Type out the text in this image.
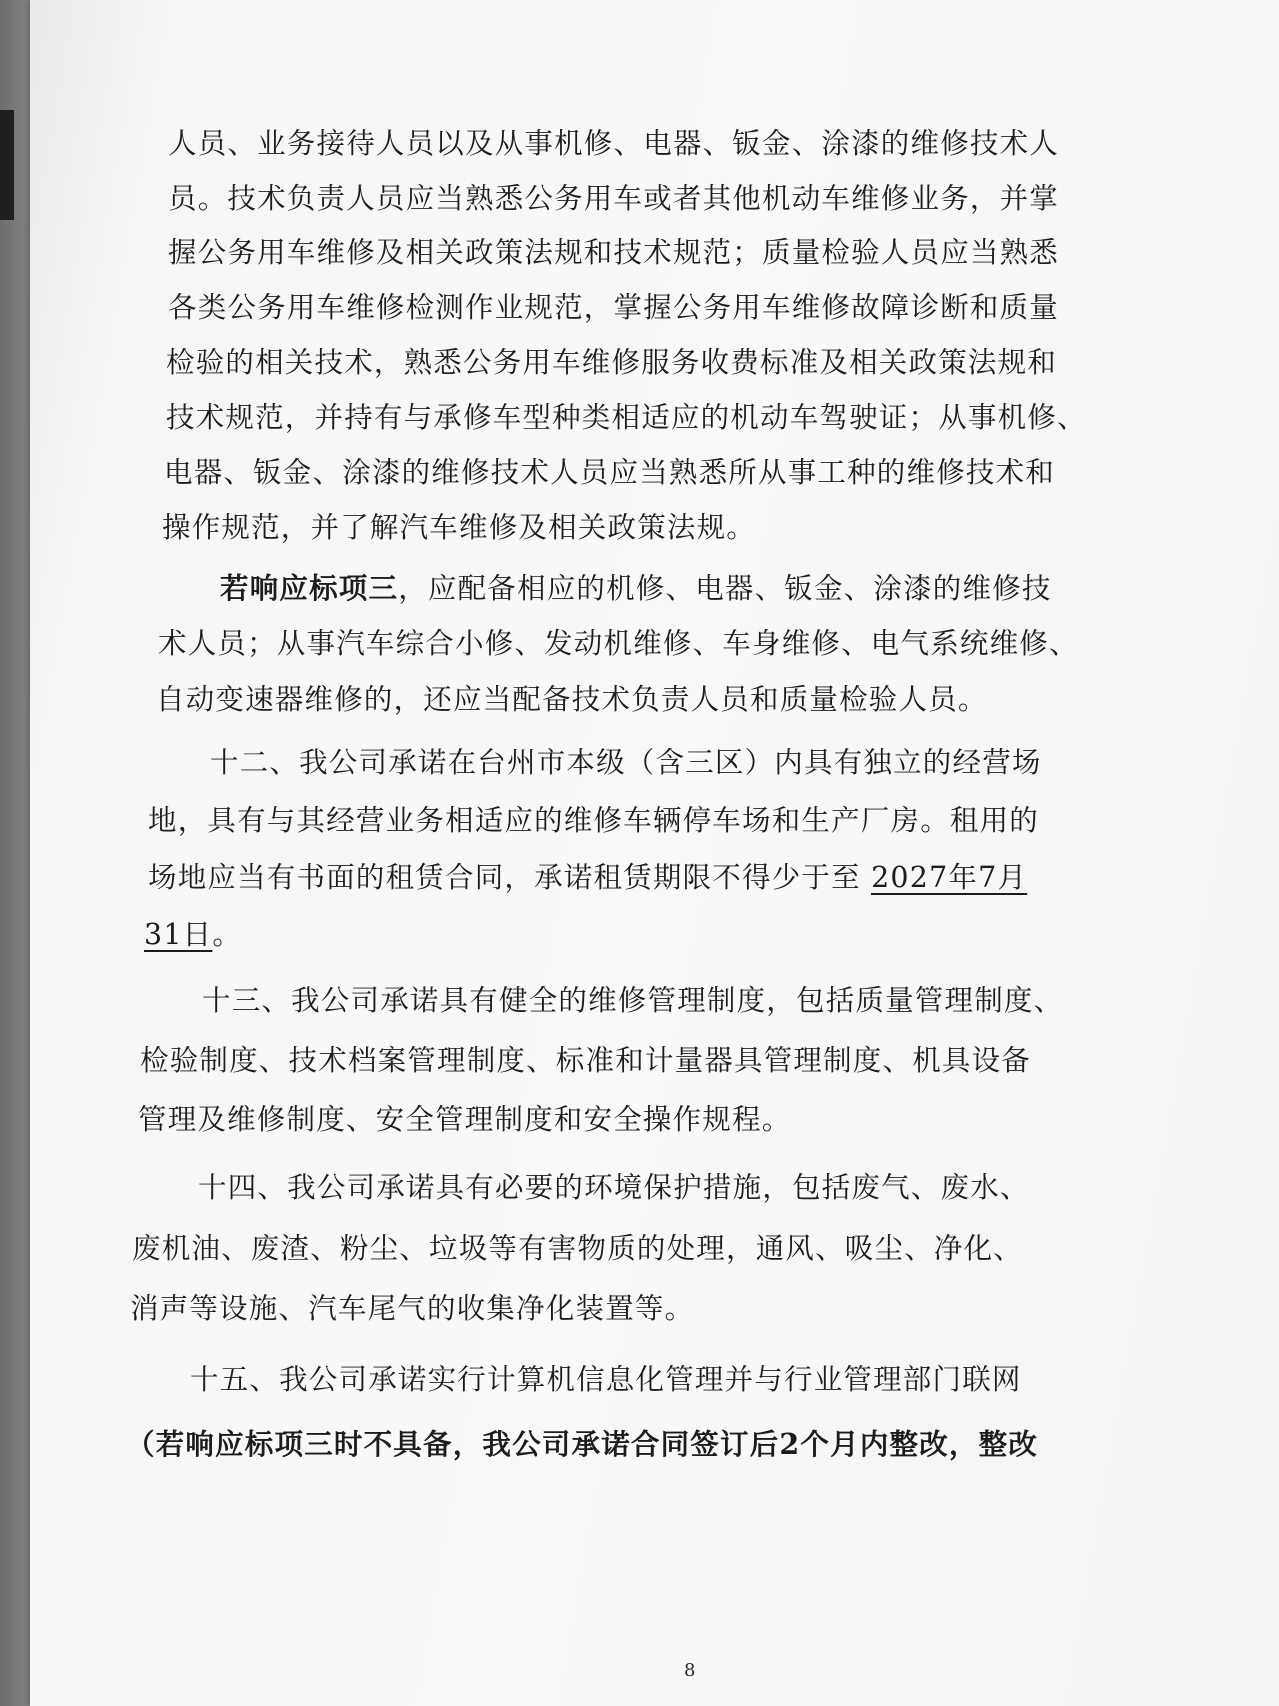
人员、业务接待人员以及从事机修、电器、钣金、涂漆的维修技术人
员。技术负责人员应当熟悉公务用车或者其他机动车维修业务，并掌
握公务用车维修及相关政策法规和技术规范；质量检验人员应当熟悉
各类公务用车维修检测作业规范，掌握公务用车维修故障诊断和质量
检验的相关技术，熟悉公务用车维修服务收费标准及相关政策法规和
技术规范，并持有与承修车型种类相适应的机动车驾驶证；从事机修、
电器、钣金、涂漆的维修技术人员应当熟悉所从事工种的维修技术和
操作规范，并了解汽车维修及相关政策法规。
若响应标项三，应配备相应的机修、电器、钣金、涂漆的维修技
术人员；从事汽车综合小修、发动机维修、车身维修、电气系统维修、
自动变速器维修的，还应当配备技术负责人员和质量检验人员。
十二、我公司承诺在台州市本级（含三区）内具有独立的经营场
地，具有与其经营业务相适应的维修车辆停车场和生产厂房。租用的
场地应当有书面的租赁合同，承诺租赁期限不得少于至 2027年7月
31日。
十三、我公司承诺具有健全的维修管理制度，包括质量管理制度、
检验制度、技术档案管理制度、标准和计量器具管理制度、机具设备
管理及维修制度、安全管理制度和安全操作规程。
十四、我公司承诺具有必要的环境保护措施，包括废气、废水、
废机油、废渣、粉尘、垃圾等有害物质的处理，通风、吸尘、净化、
消声等设施、汽车尾气的收集净化装置等。
十五、我公司承诺实行计算机信息化管理并与行业管理部门联网
（若响应标项三时不具备，我公司承诺合同签订后2个月内整改，整改
8
